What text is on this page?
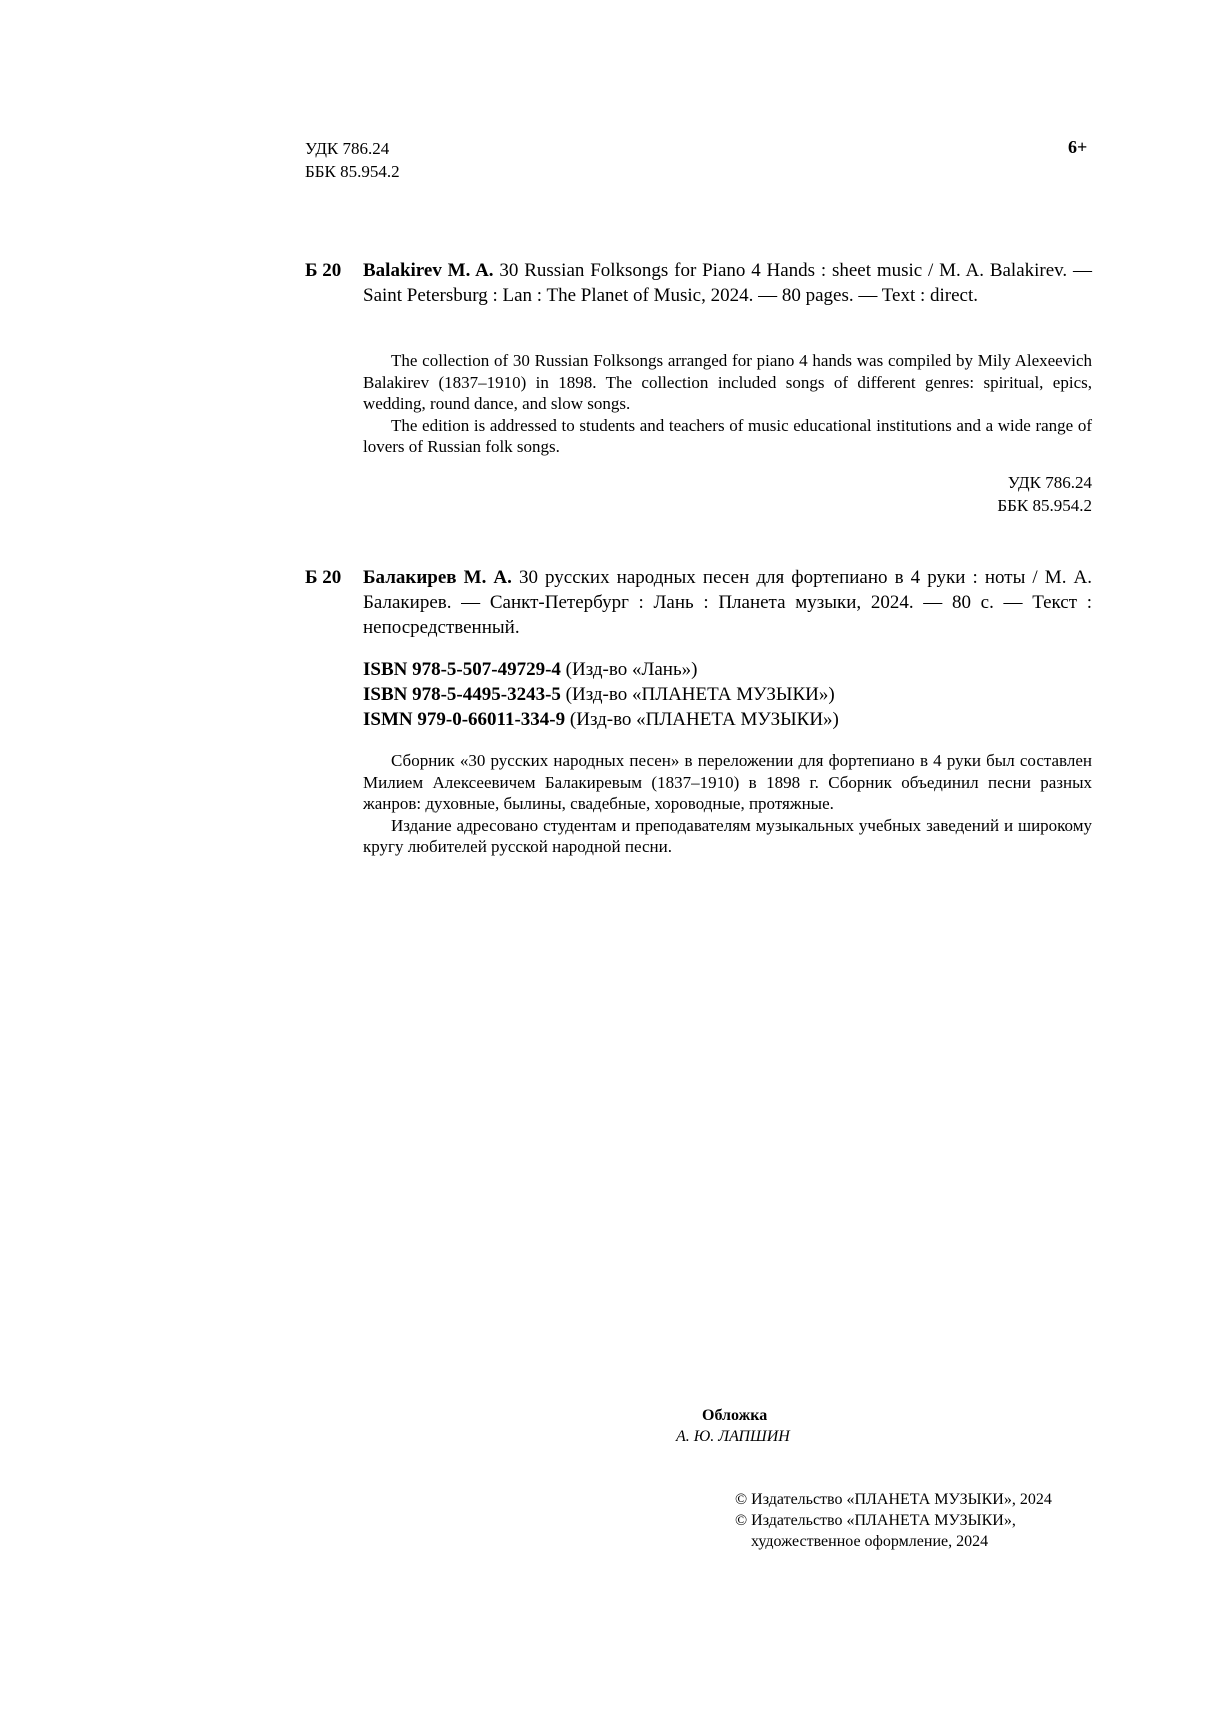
УДК 786.24
ББК 85.954.2
6+
Б 20	Balakirev M. A. 30 Russian Folksongs for Piano 4 Hands : sheet music / M. A. Balakirev. — Saint Petersburg : Lan : The Planet of Music, 2024. — 80 pages. — Text : direct.

The collection of 30 Russian Folksongs arranged for piano 4 hands was compiled by Mily Alexeevich Balakirev (1837–1910) in 1898. The collection included songs of different genres: spiritual, epics, wedding, round dance, and slow songs.

The edition is addressed to students and teachers of music educational institutions and a wide range of lovers of Russian folk songs.

УДК 786.24
ББК 85.954.2
Б 20	Балакирев М. А. 30 русских народных песен для фортепиано в 4 руки : ноты / М. А. Балакирев. — Санкт-Петербург : Лань : Планета музыки, 2024. — 80 с. — Текст : непосредственный.
ISBN 978-5-507-49729-4 (Изд-во «Лань»)
ISBN 978-5-4495-3243-5 (Изд-во «ПЛАНЕТА МУЗЫКИ»)
ISMN 979-0-66011-334-9 (Изд-во «ПЛАНЕТА МУЗЫКИ»)

Сборник «30 русских народных песен» в переложении для фортепиано в 4 руки был составлен Милием Алексеевичем Балакиревым (1837–1910) в 1898 г. Сборник объединил песни разных жанров: духовные, былины, свадебные, хороводные, протяжные.

Издание адресовано студентам и преподавателям музыкальных учебных заведений и широкому кругу любителей русской народной песни.

Обложка
А. Ю. ЛАПШИН
© Издательство «ПЛАНЕТА МУЗЫКИ», 2024
© Издательство «ПЛАНЕТА МУЗЫКИ»,
художественное оформление, 2024
